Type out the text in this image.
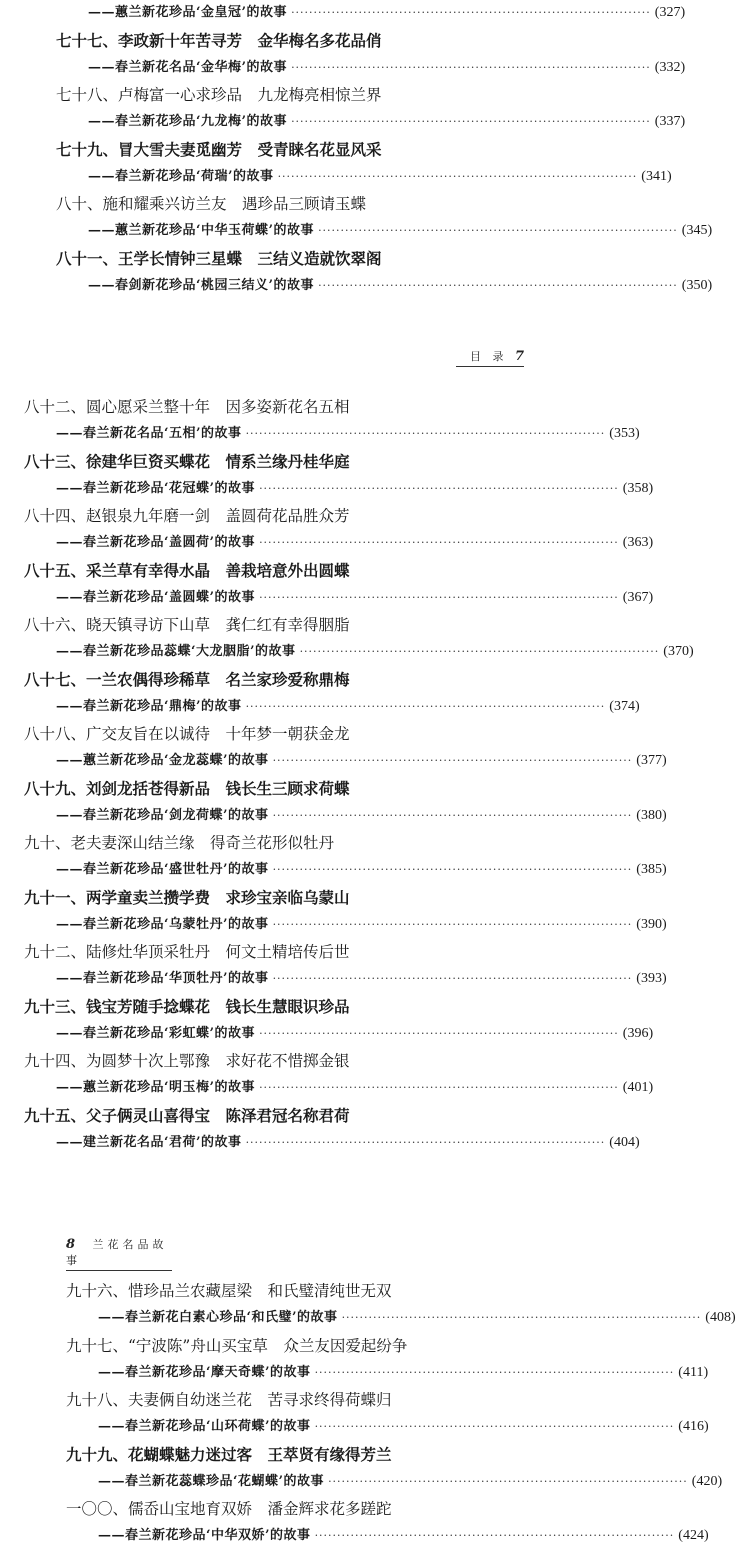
——蕙兰新花珍品‘金皇冠’的故事 ················································································ (327)
七十七、李政新十年苦寻芳　金华梅名多花品俏
——春兰新花名品‘金华梅’的故事 ················································································ (332)
七十八、卢梅富一心求珍品　九龙梅亮相惊兰界
——春兰新花珍品‘九龙梅’的故事 ················································································ (337)
七十九、冒大雪夫妻觅幽芳　受青睐名花显风采
——春兰新花珍品‘荷瑞’的故事 ················································································ (341)
八十、施和耀乘兴访兰友　遇珍品三顾请玉蝶
——蕙兰新花珍品‘中华玉荷蝶’的故事 ················································································ (345)
八十一、王学长情钟三星蝶　三结义造就饮翠阁
——春剑新花珍品‘桃园三结义’的故事 ················································································ (350)
目 录 7
八十二、圆心愿采兰整十年　因多姿新花名五相
——春兰新花名品‘五相’的故事 ················································································ (353)
八十三、徐建华巨资买蝶花　情系兰缘丹桂华庭
——春兰新花珍品‘花冠蝶’的故事 ················································································ (358)
八十四、赵银泉九年磨一剑　盖圆荷花品胜众芳
——春兰新花珍品‘盖圆荷’的故事 ················································································ (363)
八十五、采兰草有幸得水晶　善栽培意外出圆蝶
——春兰新花珍品‘盖圆蝶’的故事 ················································································ (367)
八十六、晓天镇寻访下山草　龚仁红有幸得胭脂
——春兰新花珍品蕊蝶‘大龙胭脂’的故事 ················································································ (370)
八十七、一兰农偶得珍稀草　名兰家珍爱称鼎梅
——春兰新花珍品‘鼎梅’的故事 ················································································ (374)
八十八、广交友旨在以诚待　十年梦一朝获金龙
——蕙兰新花珍品‘金龙蕊蝶’的故事 ················································································ (377)
八十九、刘剑龙括苍得新品　钱长生三顾求荷蝶
——春兰新花珍品‘剑龙荷蝶’的故事 ················································································ (380)
九十、老夫妻深山结兰缘　得奇兰花形似牡丹
——春兰新花珍品‘盛世牡丹’的故事 ················································································ (385)
九十一、两学童卖兰攒学费　求珍宝亲临乌蒙山
——春兰新花珍品‘乌蒙牡丹’的故事 ················································································ (390)
九十二、陆修灶华顶采牡丹　何文土精培传后世
——春兰新花珍品‘华顶牡丹’的故事 ················································································ (393)
九十三、钱宝芳随手捻蝶花　钱长生慧眼识珍品
——春兰新花珍品‘彩虹蝶’的故事 ················································································ (396)
九十四、为圆梦十次上鄂豫　求好花不惜掷金银
——蕙兰新花珍品‘明玉梅’的故事 ················································································ (401)
九十五、父子俩灵山喜得宝　陈泽君冠名称君荷
——建兰新花名品‘君荷’的故事 ················································································ (404)
8 兰花名品故事
九十六、惜珍品兰农藏屋梁　和氏璧清纯世无双
——春兰新花白素心珍品‘和氏璧’的故事 ················································································ (408)
九十七、“宁波陈”舟山买宝草　众兰友因爱起纷争
——春兰新花珍品‘摩天奇蝶’的故事 ················································································ (411)
九十八、夫妻俩自幼迷兰花　苦寻求终得荷蝶归
——春兰新花珍品‘山环荷蝶’的故事 ················································································ (416)
九十九、花蝴蝶魅力迷过客　王萃贤有缘得芳兰
——春兰新花蕊蝶珍品‘花蝴蝶’的故事 ················································································ (420)
一〇〇、儒岙山宝地育双娇　潘金辉求花多蹉跎
——春兰新花珍品‘中华双娇’的故事 ················································································ (424)
